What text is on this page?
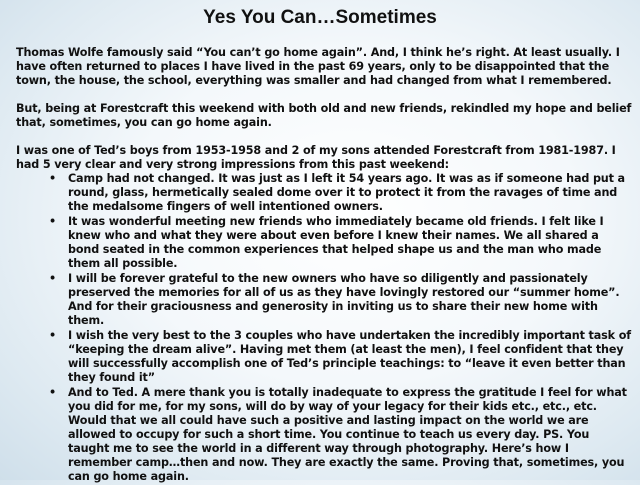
Yes You Can…Sometimes

Thomas Wolfe famously said “You can’t go home again”. And, I think he’s right. At least usually. I have often returned to places I have lived in the past 69 years, only to be disappointed that the town, the house, the school, everything was smaller and had changed from what I remembered.

But, being at Forestcraft this weekend with both old and new friends, rekindled my hope and belief that, sometimes, you can go home again.

I was one of Ted’s boys from 1953-1958 and 2 of my sons attended Forestcraft from 1981-1987. I had 5 very clear and very strong impressions from this past weekend:

• Camp had not changed. It was just as I left it 54 years ago. It was as if someone had put a round, glass, hermetically sealed dome over it to protect it from the ravages of time and the medalsome fingers of well intentioned owners.
• It was wonderful meeting new friends who immediately became old friends. I felt like I knew who and what they were about even before I knew their names. We all shared a bond seated in the common experiences that helped shape us and the man who made them all possible.
• I will be forever grateful to the new owners who have so diligently and passionately preserved the memories for all of us as they have lovingly restored our “summer home”. And for their graciousness and generosity in inviting us to share their new home with them.
• I wish the very best to the 3 couples who have undertaken the incredibly important task of “keeping the dream alive”. Having met them (at least the men), I feel confident that they will successfully accomplish one of Ted’s principle teachings: to “leave it even better than they found it”
• And to Ted. A mere thank you is totally inadequate to express the gratitude I feel for what you did for me, for my sons, will do by way of your legacy for their kids etc., etc., etc. Would that we all could have such a positive and lasting impact on the world we are allowed to occupy for such a short time. You continue to teach us every day. PS. You taught me to see the world in a different way through photography. Here’s how I remember camp…then and now. They are exactly the same. Proving that, sometimes, you can go home again.
